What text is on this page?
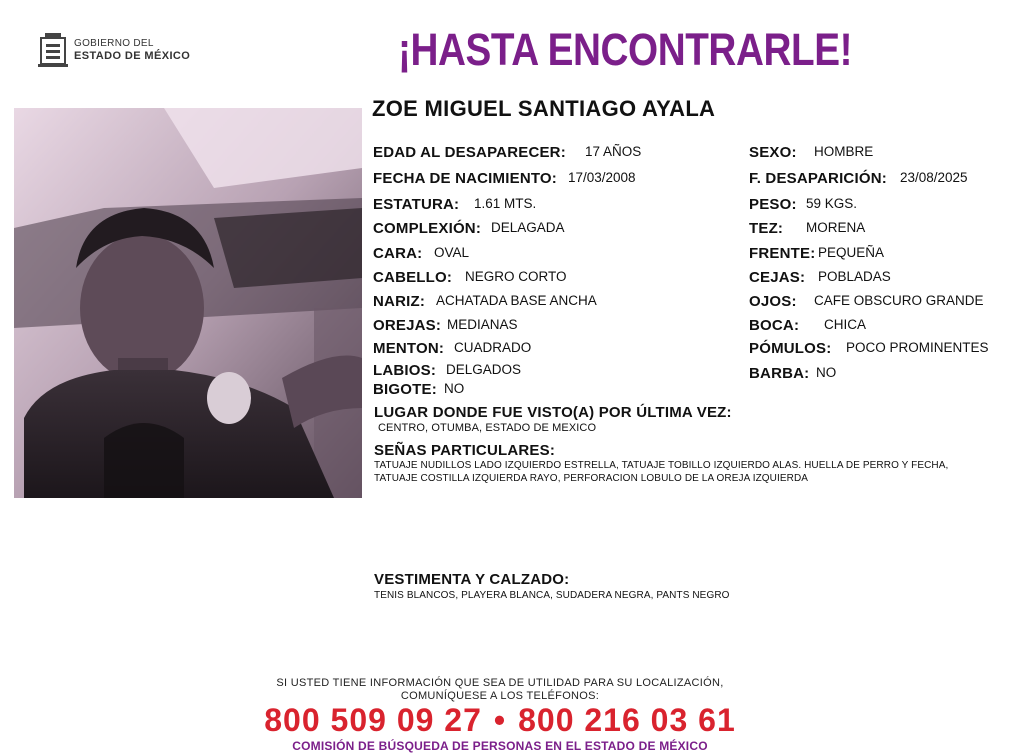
GOBIERNO DEL
ESTADO DE MÉXICO	¡HASTA ENCONTRARLE!
ZOE MIGUEL SANTIAGO AYALA
EDAD AL DESAPARECER: 17 AÑOS
FECHA DE NACIMIENTO: 17/03/2008
ESTATURA: 1.61 MTS.
COMPLEXIÓN: DELAGADA
CARA: OVAL
CABELLO: NEGRO CORTO
NARIZ: ACHATADA BASE ANCHA
OREJAS: MEDIANAS
MENTON: CUADRADO
LABIOS: DELGADOS
BIGOTE: NO
SEXO: HOMBRE
F. DESAPARICIÓN: 23/08/2025
PESO: 59 KGS.
TEZ: MORENA
FRENTE: PEQUEÑA
CEJAS: POBLADAS
OJOS: CAFE OBSCURO GRANDE
BOCA: CHICA
PÓMULOS: POCO PROMINENTES
BARBA: NO
LUGAR DONDE FUE VISTO(A) POR ÚLTIMA VEZ:
CENTRO, OTUMBA, ESTADO DE MEXICO
SEÑAS PARTICULARES:
TATUAJE NUDILLOS LADO IZQUIERDO ESTRELLA, TATUAJE TOBILLO IZQUIERDO ALAS. HUELLA DE PERRO Y FECHA,
TATUAJE COSTILLA IZQUIERDA RAYO, PERFORACION LOBULO DE LA OREJA IZQUIERDA
VESTIMENTA Y CALZADO:
TENIS BLANCOS, PLAYERA BLANCA, SUDADERA NEGRA, PANTS NEGRO
SI USTED TIENE INFORMACIÓN QUE SEA DE UTILIDAD PARA SU LOCALIZACIÓN,
COMUNÍQUESE A LOS TELÉFONOS:
800 509 09 27 • 800 216 03 61
COMISIÓN DE BÚSQUEDA DE PERSONAS EN EL ESTADO DE MÉXICO
